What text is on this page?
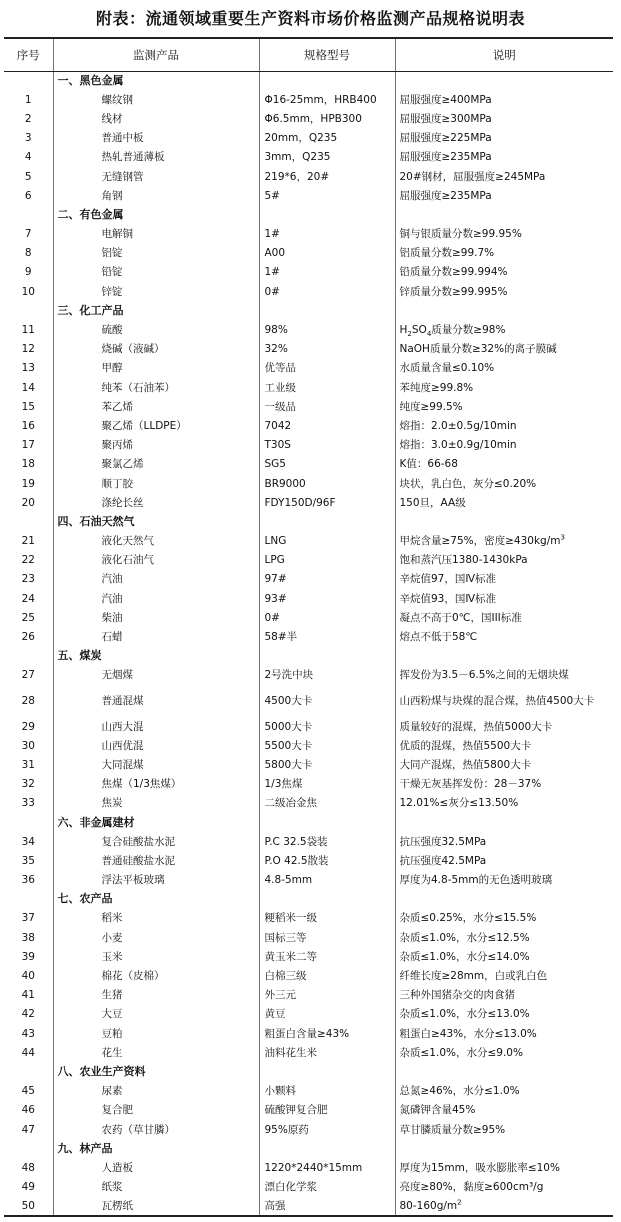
附表：流通领域重要生产资料市场价格监测产品规格说明表
序号	监测产品	规格型号	说明
	一、黑色金属		
1	螺纹钢	Φ16-25mm，HRB400	屈服强度≥400MPa
2	线材	Φ6.5mm，HPB300	屈服强度≥300MPa
3	普通中板	20mm，Q235	屈服强度≥225MPa
4	热轧普通薄板	3mm，Q235	屈服强度≥235MPa
5	无缝钢管	219*6，20#	20#钢材，屈服强度≥245MPa
6	角钢	5#	屈服强度≥235MPa
	二、有色金属		
7	电解铜	1#	铜与银质量分数≥99.95%
8	铝锭	A00	铝质量分数≥99.7%
9	铅锭	1#	铅质量分数≥99.994%
10	锌锭	0#	锌质量分数≥99.995%
	三、化工产品		
11	硫酸	98%	$H_2SO_4$质量分数≥98%
12	烧碱（液碱）	32%	NaOH质量分数≥32%的离子膜碱
13	甲醇	优等品	水质量含量≤0.10%
14	纯苯（石油苯）	工业级	苯纯度≥99.8%
15	苯乙烯	一级品	纯度≥99.5%
16	聚乙烯（LLDPE）	7042	熔指：2.0±0.5g/10min
17	聚丙烯	T30S	熔指：3.0±0.9g/10min
18	聚氯乙烯	SG5	K值：66-68
19	顺丁胶	BR9000	块状，乳白色，灰分≤0.20%
20	涤纶长丝	FDY150D/96F	150旦，AA级
	四、石油天然气		
21	液化天然气	LNG	甲烷含量≥75%，密度$\ge 430kg/m^3$
22	液化石油气	LPG	饱和蒸汽压1380-1430kPa
23	汽油	97#	辛烷值97，国Ⅳ标准
24	汽油	93#	辛烷值93，国Ⅳ标准
25	柴油	0#	凝点不高于0℃，国III标准
26	石蜡	58#半	熔点不低于58℃
	五、煤炭		
27	无烟煤	2号洗中块	挥发份为3.5－6.5%之间的无烟块煤
28	普通混煤	4500大卡	山西粉煤与块煤的混合煤，热值4500大卡
29	山西大混	5000大卡	质量较好的混煤，热值5000大卡
30	山西优混	5500大卡	优质的混煤，热值5500大卡
31	大同混煤	5800大卡	大同产混煤，热值5800大卡
32	焦煤（1/3焦煤）	1/3焦煤	干燥无灰基挥发份：28－37%
33	焦炭	二级冶金焦	12.01%≤灰分≤13.50%
	六、非金属建材		
34	复合硅酸盐水泥	P.C 32.5袋装	抗压强度32.5MPa
35	普通硅酸盐水泥	P.O 42.5散装	抗压强度42.5MPa
36	浮法平板玻璃	4.8-5mm	厚度为4.8-5mm的无色透明玻璃
	七、农产品		
37	稻米	粳稻米一级	杂质≤0.25%，水分≤15.5%
38	小麦	国标三等	杂质≤1.0%，水分≤12.5%
39	玉米	黄玉米二等	杂质≤1.0%，水分≤14.0%
40	棉花（皮棉）	白棉三级	纤维长度≥28mm，白或乳白色
41	生猪	外三元	三种外国猪杂交的肉食猪
42	大豆	黄豆	杂质≤1.0%，水分≤13.0%
43	豆粕	粗蛋白含量≥43%	粗蛋白≥43%，水分≤13.0%
44	花生	油料花生米	杂质≤1.0%，水分≤9.0%
	八、农业生产资料		
45	尿素	小颗料	总氮≥46%，水分≤1.0%
46	复合肥	硫酸钾复合肥	氮磷钾含量45%
47	农药（草甘膦）	95%原药	草甘膦质量分数≥95%
	九、林产品		
48	人造板	1220*2440*15mm	厚度为15mm，吸水膨胀率≤10%
49	纸浆	漂白化学浆	亮度≥80%，黏度≥600cm³/g
50	瓦楞纸	高强	$80-160g/m^2$
